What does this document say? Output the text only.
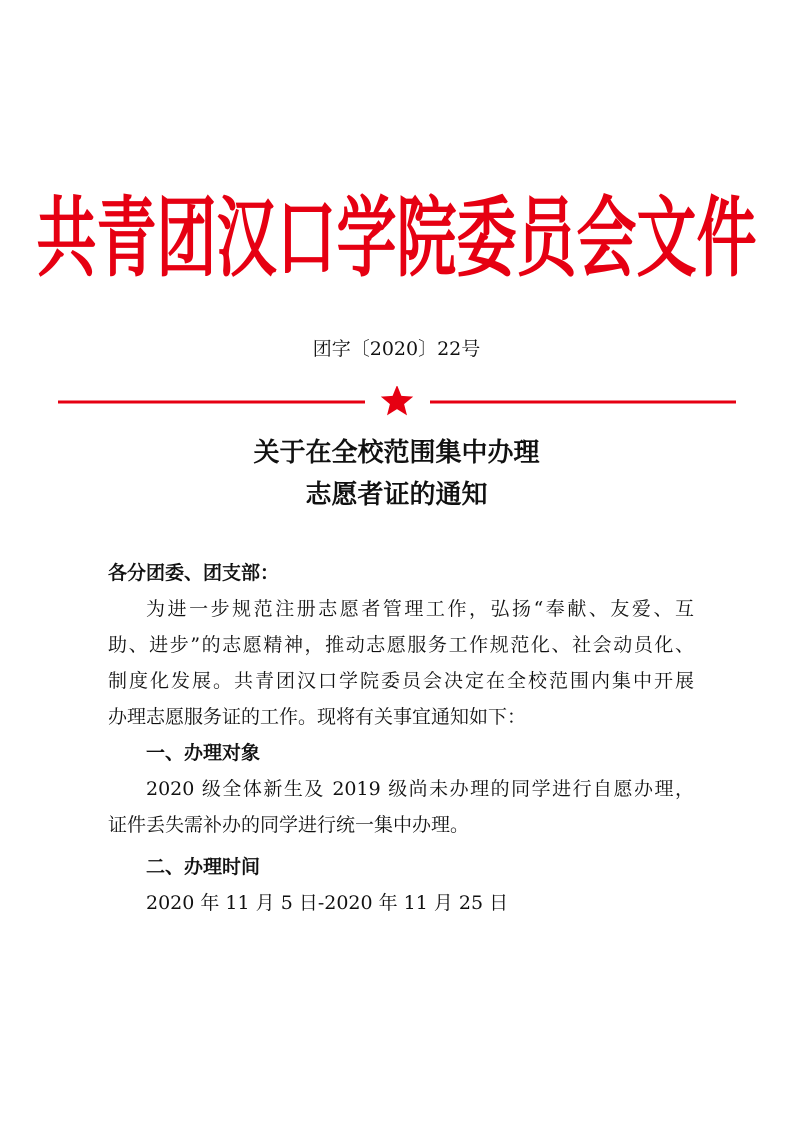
共青团汉口学院委员会文件
团字〔2020〕22号
关于在全校范围集中办理
志愿者证的通知
各分团委、团支部：
为进一步规范注册志愿者管理工作，弘扬“奉献、友爱、互
助、进步”的志愿精神，推动志愿服务工作规范化、社会动员化、
制度化发展。共青团汉口学院委员会决定在全校范围内集中开展
办理志愿服务证的工作。现将有关事宜通知如下：
一、办理对象
2020 级全体新生及 2019 级尚未办理的同学进行自愿办理，
证件丢失需补办的同学进行统一集中办理。
二、办理时间
2020 年 11 月 5 日-2020 年 11 月 25 日
